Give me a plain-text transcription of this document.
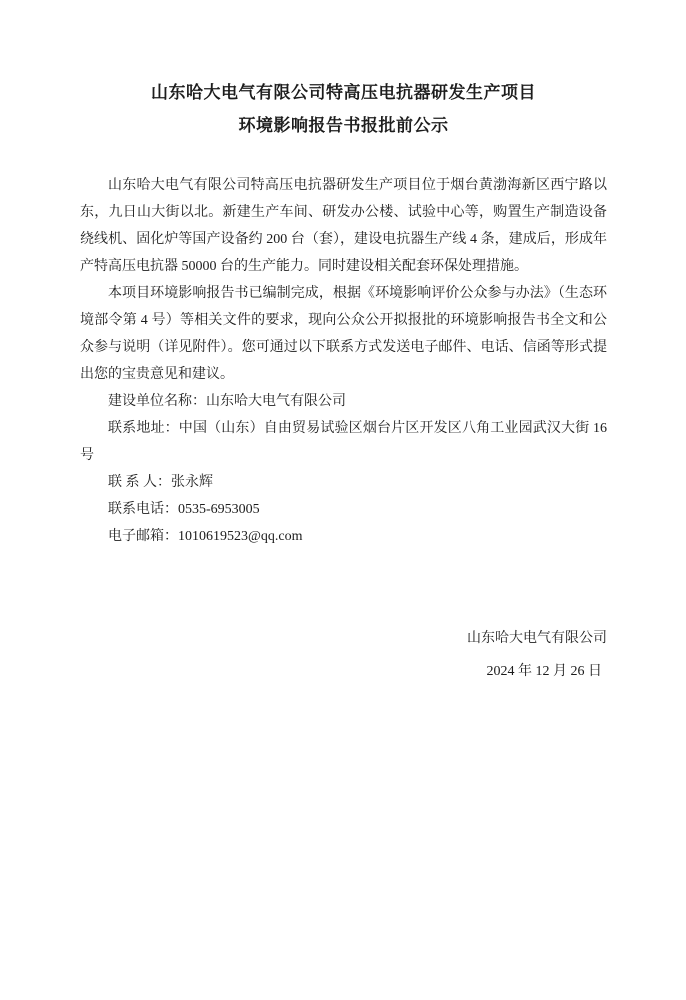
山东哈大电气有限公司特高压电抗器研发生产项目
环境影响报告书报批前公示

山东哈大电气有限公司特高压电抗器研发生产项目位于烟台黄渤海新区西宁路以东，九日山大街以北。新建生产车间、研发办公楼、试验中心等，购置生产制造设备绕线机、固化炉等国产设备约 200 台（套），建设电抗器生产线 4 条，建成后，形成年产特高压电抗器 50000 台的生产能力。同时建设相关配套环保处理措施。

本项目环境影响报告书已编制完成，根据《环境影响评价公众参与办法》（生态环境部令第 4 号）等相关文件的要求，现向公众公开拟报批的环境影响报告书全文和公众参与说明（详见附件）。您可通过以下联系方式发送电子邮件、电话、信函等形式提出您的宝贵意见和建议。

建设单位名称：山东哈大电气有限公司

联系地址：中国（山东）自由贸易试验区烟台片区开发区八角工业园武汉大街 16 号

联 系 人：张永辉

联系电话：0535-6953005

电子邮箱：1010619523@qq.com

山东哈大电气有限公司
2024 年 12 月 26 日
